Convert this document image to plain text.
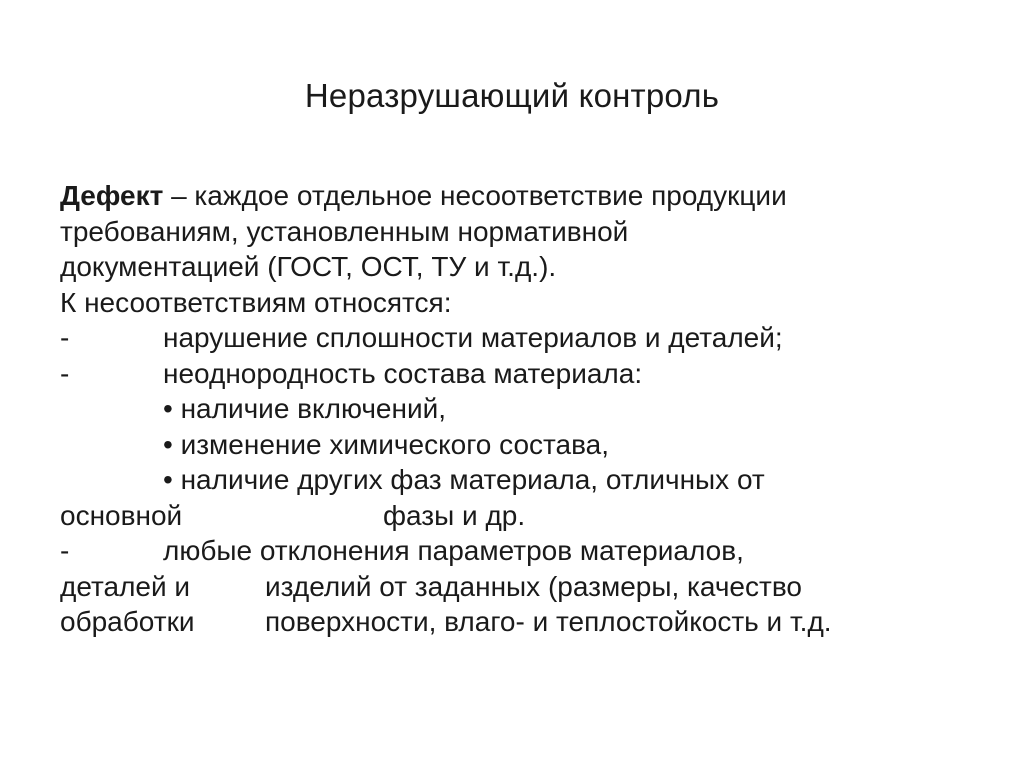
Неразрушающий контроль
Дефект – каждое отдельное несоответствие продукции
требованиям, установленным нормативной
документацией (ГОСТ, ОСТ, ТУ и т.д.).
К несоответствиям относятся:
-	нарушение сплошности материалов и деталей;
-	неоднородность состава материала:
• наличие включений,
• изменение химического состава,
• наличие других фаз материала, отличных от
основной	фазы и др.
-	любые отклонения параметров материалов,
деталей и	изделий от заданных (размеры, качество
обработки	поверхности, влаго- и теплостойкость и т.д.
